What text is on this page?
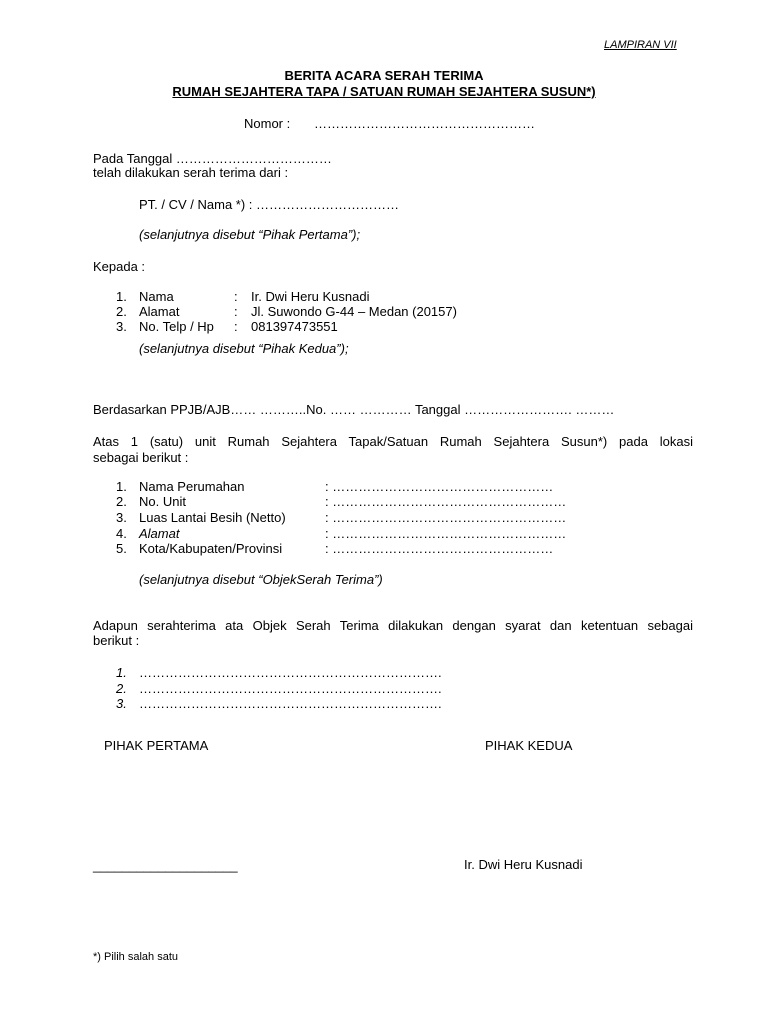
LAMPIRAN VII
BERITA ACARA SERAH TERIMA
RUMAH SEJAHTERA TAPA / SATUAN RUMAH SEJAHTERA SUSUN*)
Nomor : ……………………………………………
Pada Tanggal ………………………………
telah dilakukan serah terima dari :
PT. / CV / Nama *) : ……………………………
(selanjutnya disebut “Pihak Pertama”);
Kepada :
1. Nama	: Ir. Dwi Heru Kusnadi
2. Alamat	: Jl. Suwondo G-44 – Medan (20157)
3. No. Telp / Hp : 081397473551
(selanjutnya disebut “Pihak Kedua”);
Berdasarkan PPJB/AJB…… ………..No. …… ………… Tanggal ……………………. ………
Atas 1 (satu) unit Rumah Sejahtera Tapak/Satuan Rumah Sejahtera Susun*) pada lokasi
sebagai berikut :
1. Nama Perumahan	: ……………………………………………
2. No. Unit	: ………………………………………………
3. Luas Lantai Besih (Netto)	: ………………………………………………
4. Alamat	: ………………………………………………
5. Kota/Kabupaten/Provinsi	: ……………………………………………
(selanjutnya disebut “ObjekSerah Terima”)
Adapun serahterima ata Objek Serah Terima dilakukan dengan syarat dan ketentuan sebagai
berikut :
1. …………………………………………………………….
2. …………………………………………………………….
3. …………………………………………………………….
PIHAK PERTAMA	PIHAK KEDUA
____________________	Ir. Dwi Heru Kusnadi
*) Pilih salah satu
